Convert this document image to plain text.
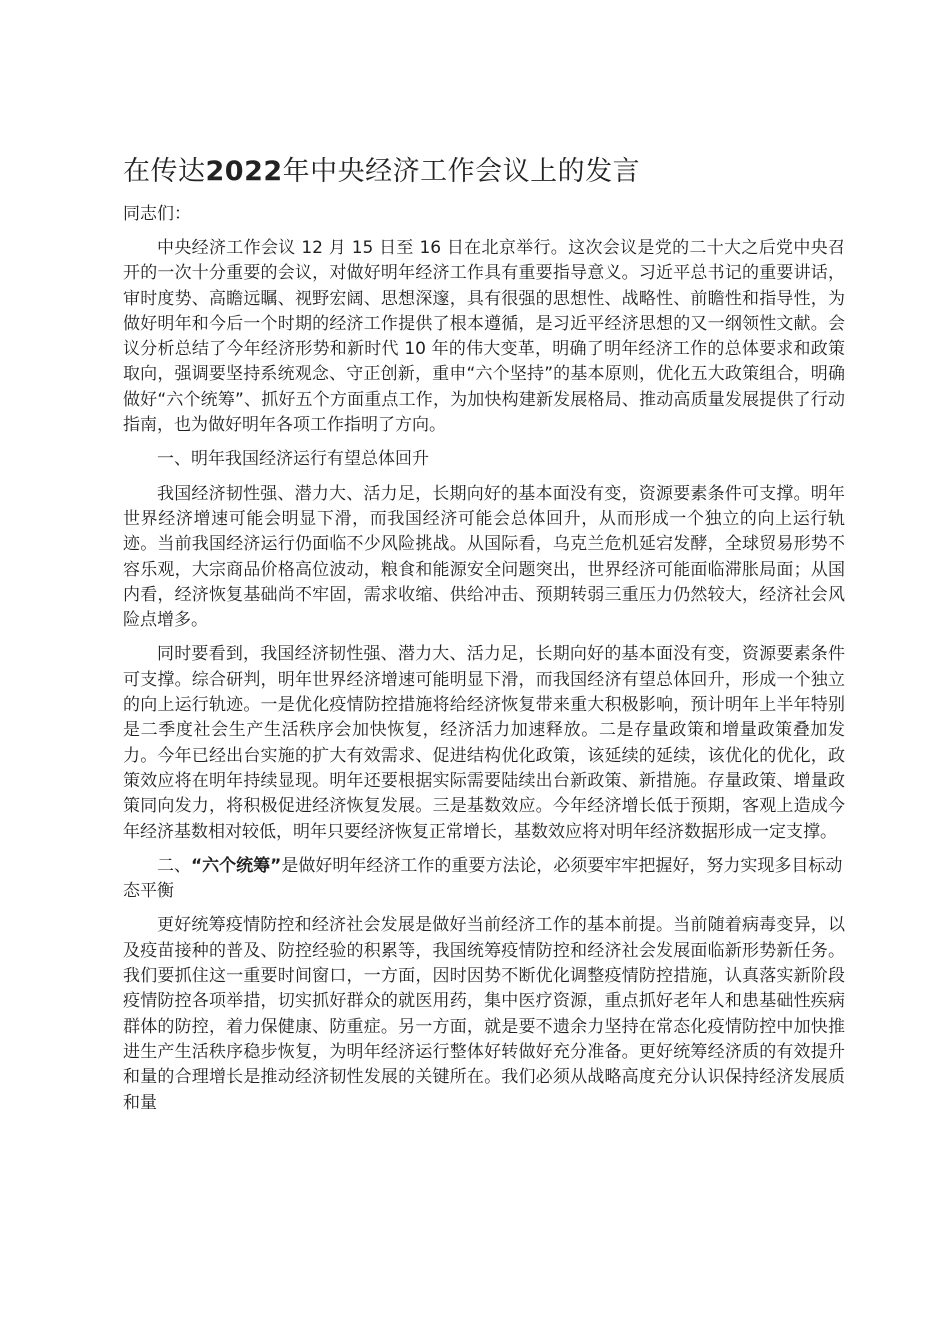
在传达2022年中央经济工作会议上的发言

同志们：

中央经济工作会议 12 月 15 日至 16 日在北京举行。这次会议是党的二十大之后党中央召开的一次十分重要的会议，对做好明年经济工作具有重要指导意义。习近平总书记的重要讲话，审时度势、高瞻远瞩、视野宏阔、思想深邃，具有很强的思想性、战略性、前瞻性和指导性，为做好明年和今后一个时期的经济工作提供了根本遵循，是习近平经济思想的又一纲领性文献。会议分析总结了今年经济形势和新时代 10 年的伟大变革，明确了明年经济工作的总体要求和政策取向，强调要坚持系统观念、守正创新，重申“六个坚持”的基本原则，优化五大政策组合，明确做好“六个统筹”、抓好五个方面重点工作，为加快构建新发展格局、推动高质量发展提供了行动指南，也为做好明年各项工作指明了方向。

一、明年我国经济运行有望总体回升

我国经济韧性强、潜力大、活力足，长期向好的基本面没有变，资源要素条件可支撑。明年世界经济增速可能会明显下滑，而我国经济可能会总体回升，从而形成一个独立的向上运行轨迹。当前我国经济运行仍面临不少风险挑战。从国际看，乌克兰危机延宕发酵，全球贸易形势不容乐观，大宗商品价格高位波动，粮食和能源安全问题突出，世界经济可能面临滞胀局面；从国内看，经济恢复基础尚不牢固，需求收缩、供给冲击、预期转弱三重压力仍然较大，经济社会风险点增多。

同时要看到，我国经济韧性强、潜力大、活力足，长期向好的基本面没有变，资源要素条件可支撑。综合研判，明年世界经济增速可能明显下滑，而我国经济有望总体回升，形成一个独立的向上运行轨迹。一是优化疫情防控措施将给经济恢复带来重大积极影响，预计明年上半年特别是二季度社会生产生活秩序会加快恢复，经济活力加速释放。二是存量政策和增量政策叠加发力。今年已经出台实施的扩大有效需求、促进结构优化政策，该延续的延续，该优化的优化，政策效应将在明年持续显现。明年还要根据实际需要陆续出台新政策、新措施。存量政策、增量政策同向发力，将积极促进经济恢复发展。三是基数效应。今年经济增长低于预期，客观上造成今年经济基数相对较低，明年只要经济恢复正常增长，基数效应将对明年经济数据形成一定支撑。

二、“六个统筹”是做好明年经济工作的重要方法论，必须要牢牢把握好，努力实现多目标动态平衡

更好统筹疫情防控和经济社会发展是做好当前经济工作的基本前提。当前随着病毒变异，以及疫苗接种的普及、防控经验的积累等，我国统筹疫情防控和经济社会发展面临新形势新任务。我们要抓住这一重要时间窗口，一方面，因时因势不断优化调整疫情防控措施，认真落实新阶段疫情防控各项举措，切实抓好群众的就医用药，集中医疗资源，重点抓好老年人和患基础性疾病群体的防控，着力保健康、防重症。另一方面，就是要不遗余力坚持在常态化疫情防控中加快推进生产生活秩序稳步恢复，为明年经济运行整体好转做好充分准备。更好统筹经济质的有效提升和量的合理增长是推动经济韧性发展的关键所在。我们必须从战略高度充分认识保持经济发展质和量
